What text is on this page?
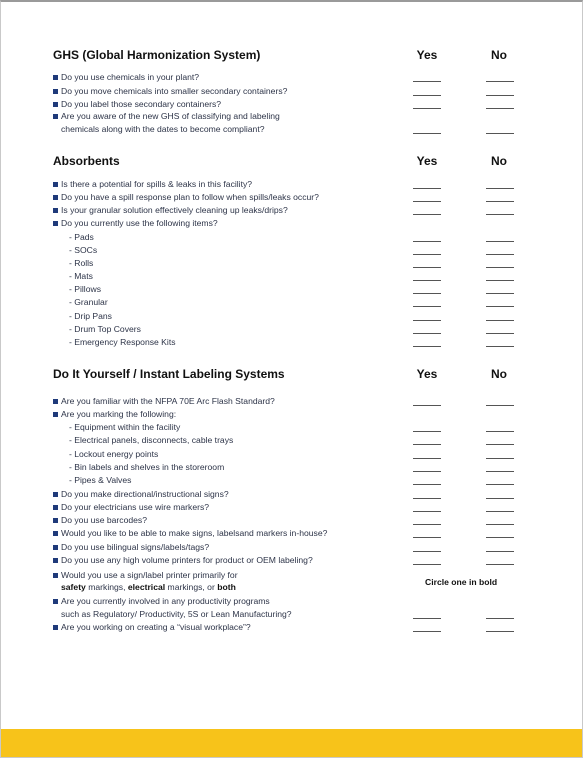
GHS (Global Harmonization System)	Yes	No
Do you use chemicals in your plant?
Do you move chemicals into smaller secondary containers?
Do you label those secondary containers?
Are you aware of the new GHS of classifying and labeling
chemicals along with the dates to become compliant?
Absorbents	Yes	No
Is there a potential for spills & leaks in this facility?
Do you have a spill response plan to follow when spills/leaks occur?
Is your granular solution effectively cleaning up leaks/drips?
Do you currently use the following items?
- Pads
- SOCs
- Rolls
- Mats
- Pillows
- Granular
- Drip Pans
- Drum Top Covers
- Emergency Response Kits
Do It Yourself / Instant Labeling Systems	Yes	No
Are you familiar with the NFPA 70E Arc Flash Standard?
Are you marking the following:
- Equipment within the facility
- Electrical panels, disconnects, cable trays
- Lockout energy points
- Bin labels and shelves in the storeroom
- Pipes & Valves
Do you make directional/instructional signs?
Do your electricians use wire markers?
Do you use barcodes?
Would you like to be able to make signs, labelsand markers in-house?
Do you use bilingual signs/labels/tags?
Do you use any high volume printers for product or OEM labeling?
Would you use a sign/label printer primarily for
safety markings, electrical markings, or both
Are you currently involved in any productivity programs
such as Regulatory/ Productivity, 5S or Lean Manufacturing?
Are you working on creating a “visual workplace”?
Circle one in bold
